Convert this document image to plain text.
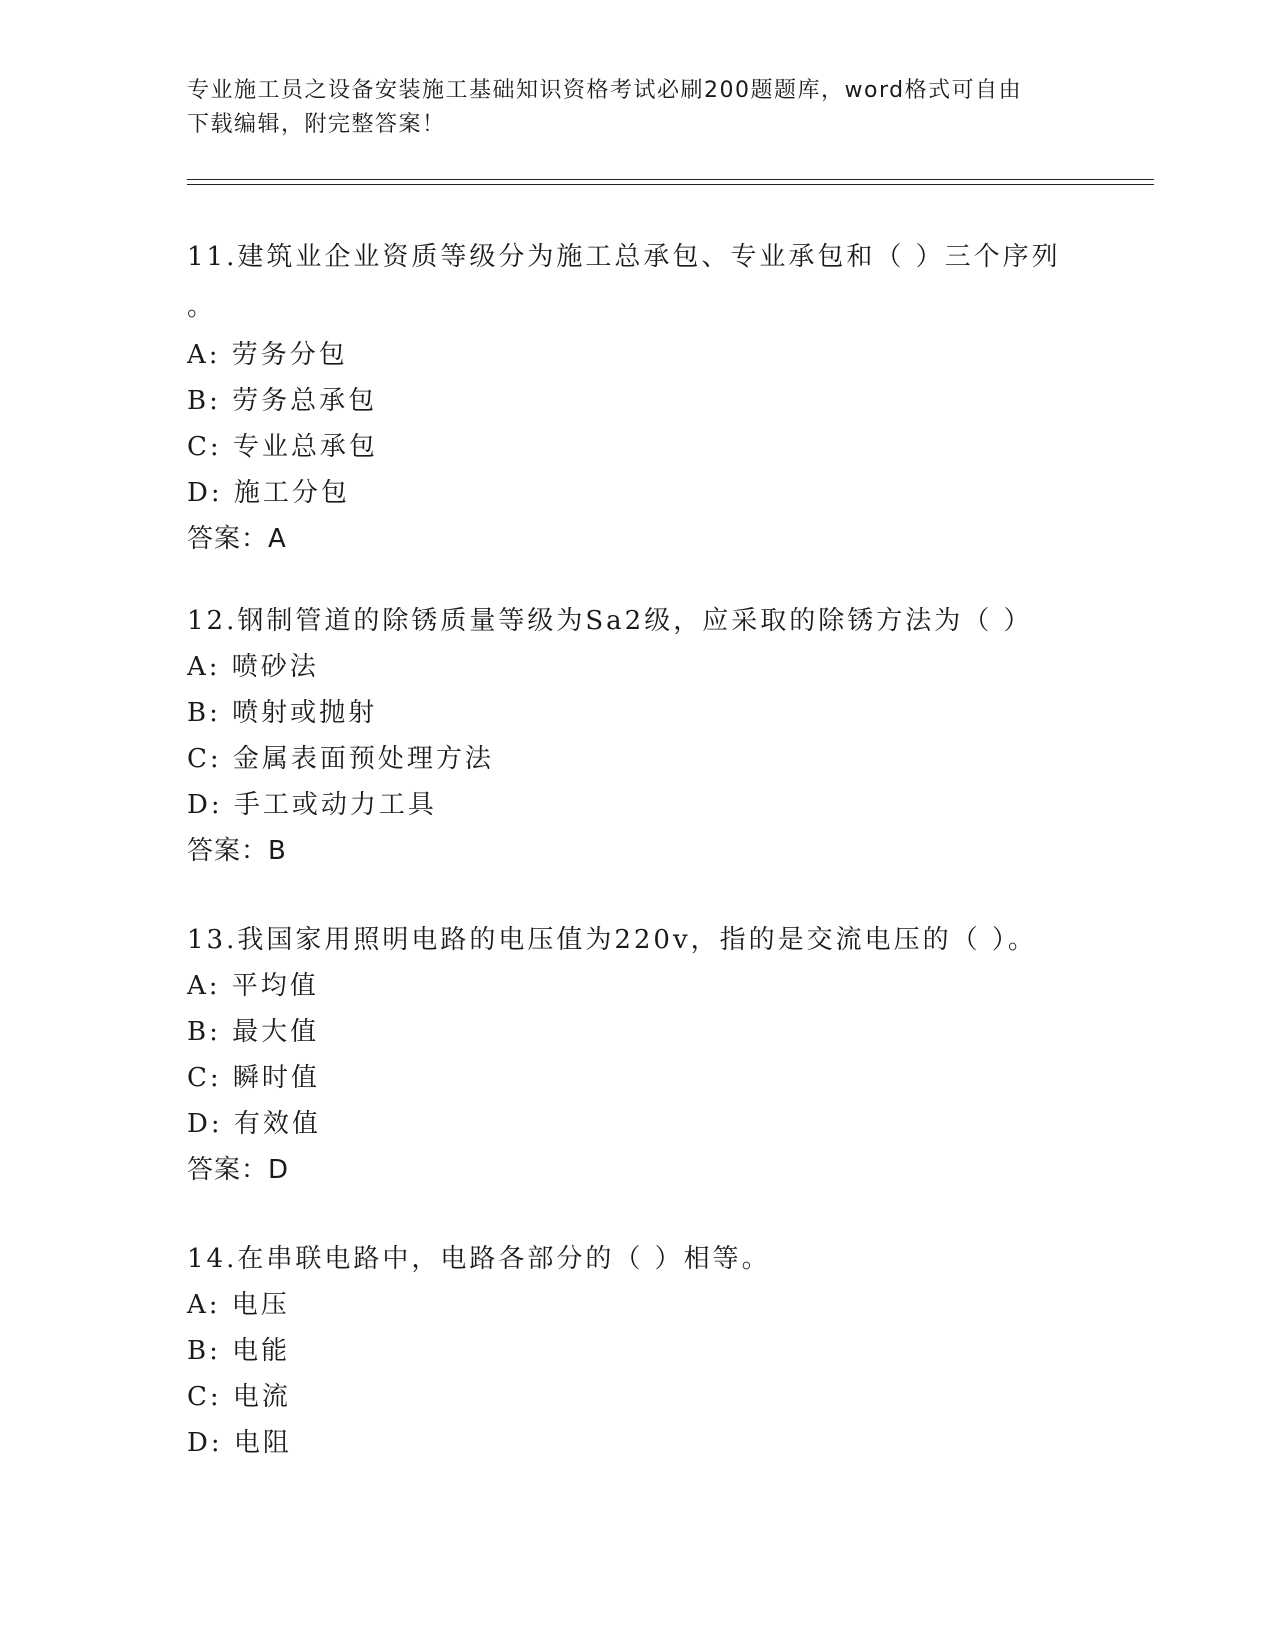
专业施工员之设备安装施工基础知识资格考试必刷200题题库，word格式可自由
下载编辑，附完整答案！
11.建筑业企业资质等级分为施工总承包、专业承包和（ ）三个序列
。
A: 劳务分包
B: 劳务总承包
C: 专业总承包
D: 施工分包
答案：A
12.钢制管道的除锈质量等级为Sa2级，应采取的除锈方法为（ ）
A: 喷砂法
B: 喷射或抛射
C: 金属表面预处理方法
D: 手工或动力工具
答案：B
13.我国家用照明电路的电压值为220v，指的是交流电压的（ ）。
A: 平均值
B: 最大值
C: 瞬时值
D: 有效值
答案：D
14.在串联电路中，电路各部分的（ ）相等。
A: 电压
B: 电能
C: 电流
D: 电阻
